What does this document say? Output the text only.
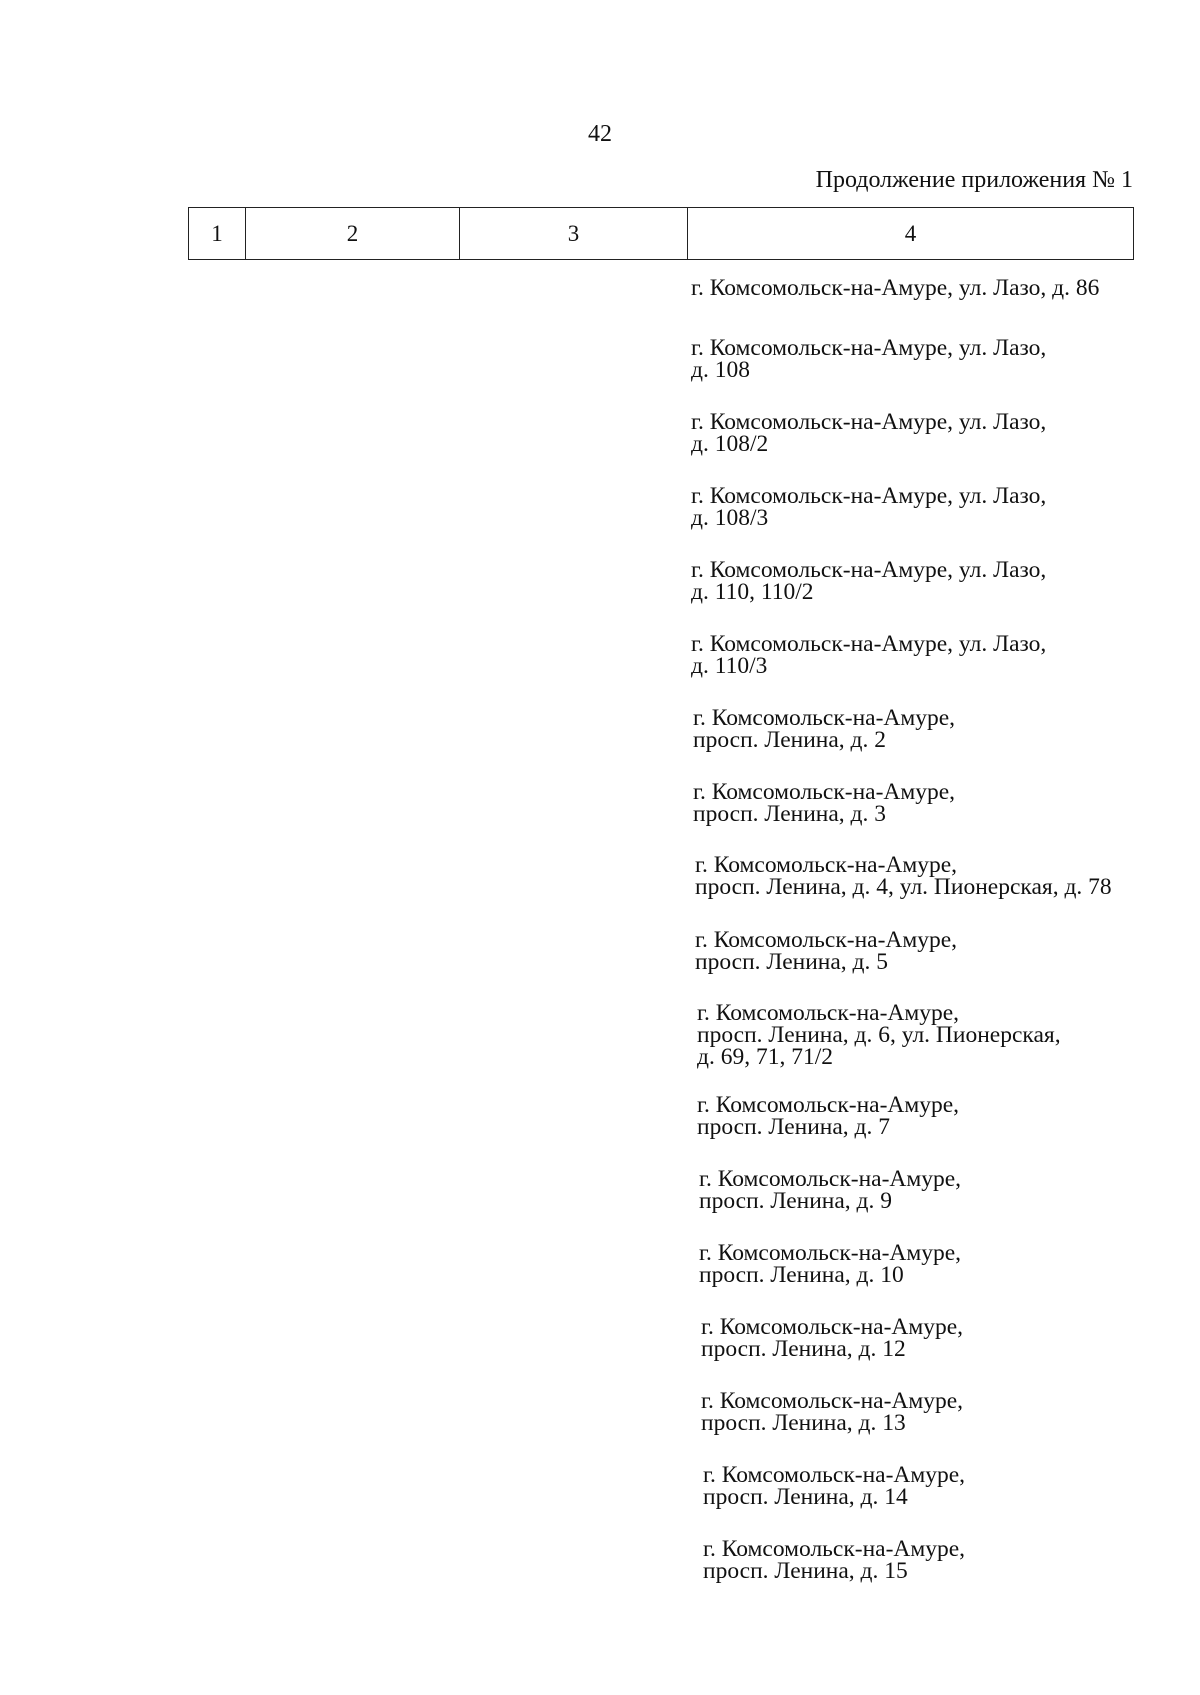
42
Продолжение приложения № 1
1	2	3	4
г. Комсомольск-на-Амуре, ул. Лазо, д. 86
г. Комсомольск-на-Амуре, ул. Лазо,
д. 108
г. Комсомольск-на-Амуре, ул. Лазо,
д. 108/2
г. Комсомольск-на-Амуре, ул. Лазо,
д. 108/3
г. Комсомольск-на-Амуре, ул. Лазо,
д. 110, 110/2
г. Комсомольск-на-Амуре, ул. Лазо,
д. 110/3
г. Комсомольск-на-Амуре,
просп. Ленина, д. 2
г. Комсомольск-на-Амуре,
просп. Ленина, д. 3
г. Комсомольск-на-Амуре,
просп. Ленина, д. 4, ул. Пионерская, д. 78
г. Комсомольск-на-Амуре,
просп. Ленина, д. 5
г. Комсомольск-на-Амуре,
просп. Ленина, д. 6, ул. Пионерская,
д. 69, 71, 71/2
г. Комсомольск-на-Амуре,
просп. Ленина, д. 7
г. Комсомольск-на-Амуре,
просп. Ленина, д. 9
г. Комсомольск-на-Амуре,
просп. Ленина, д. 10
г. Комсомольск-на-Амуре,
просп. Ленина, д. 12
г. Комсомольск-на-Амуре,
просп. Ленина, д. 13
г. Комсомольск-на-Амуре,
просп. Ленина, д. 14
г. Комсомольск-на-Амуре,
просп. Ленина, д. 15
